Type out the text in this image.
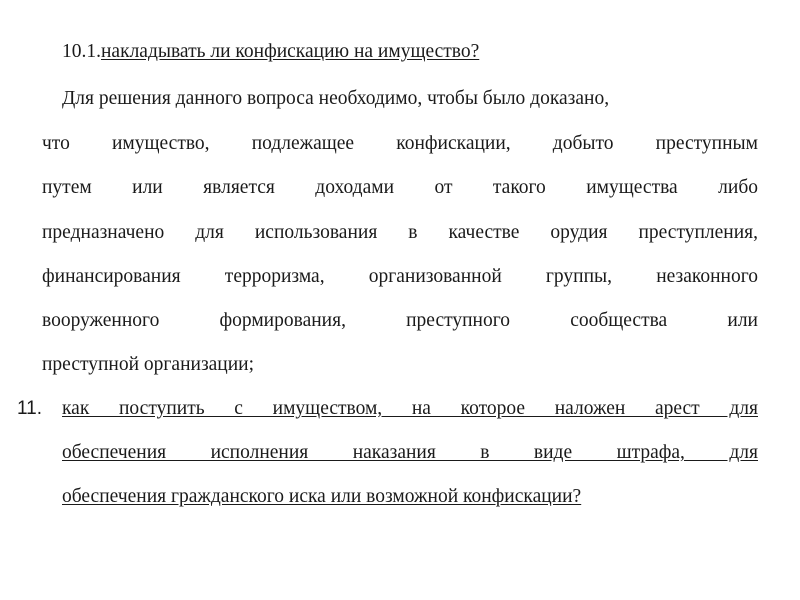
10.1.накладывать ли конфискацию на имущество?
Для решения данного вопроса необходимо, чтобы было доказано,
что имущество, подлежащее конфискации, добыто преступным
путем или является доходами от такого имущества либо
предназначено для использования в качестве орудия преступления,
финансирования терроризма, организованной группы, незаконного
вооруженного формирования, преступного сообщества или
преступной организации;
11. как поступить с имуществом, на которое наложен арест для
обеспечения исполнения наказания в виде штрафа, для
обеспечения гражданского иска или возможной конфискации?
